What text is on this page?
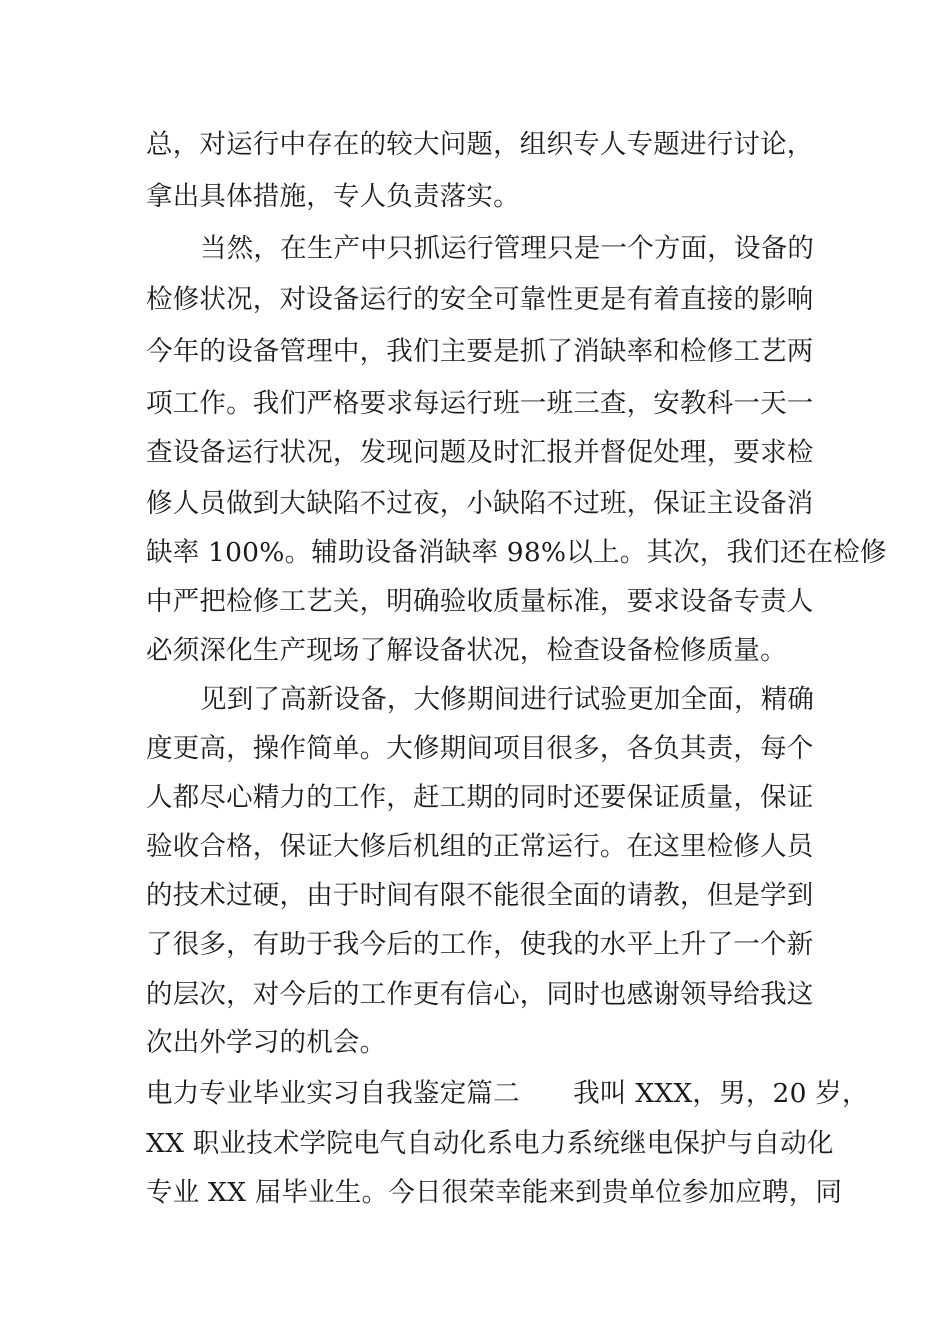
总，对运行中存在的较大问题，组织专人专题进行讨论，
拿出具体措施，专人负责落实。
当然，在生产中只抓运行管理只是一个方面，设备的
检修状况，对设备运行的安全可靠性更是有着直接的影响
今年的设备管理中，我们主要是抓了消缺率和检修工艺两
项工作。我们严格要求每运行班一班三查，安教科一天一
查设备运行状况，发现问题及时汇报并督促处理，要求检
修人员做到大缺陷不过夜，小缺陷不过班，保证主设备消
缺率 100%。辅助设备消缺率 98%以上。其次，我们还在检修
中严把检修工艺关，明确验收质量标准，要求设备专责人
必须深化生产现场了解设备状况，检查设备检修质量。
见到了高新设备，大修期间进行试验更加全面，精确
度更高，操作简单。大修期间项目很多，各负其责，每个
人都尽心精力的工作，赶工期的同时还要保证质量，保证
验收合格，保证大修后机组的正常运行。在这里检修人员
的技术过硬，由于时间有限不能很全面的请教，但是学到
了很多，有助于我今后的工作，使我的水平上升了一个新
的层次，对今后的工作更有信心，同时也感谢领导给我这
次出外学习的机会。
电力专业毕业实习自我鉴定篇二　　我叫 XXX，男，20 岁，
XX 职业技术学院电气自动化系电力系统继电保护与自动化
专业 XX 届毕业生。今日很荣幸能来到贵单位参加应聘，同
